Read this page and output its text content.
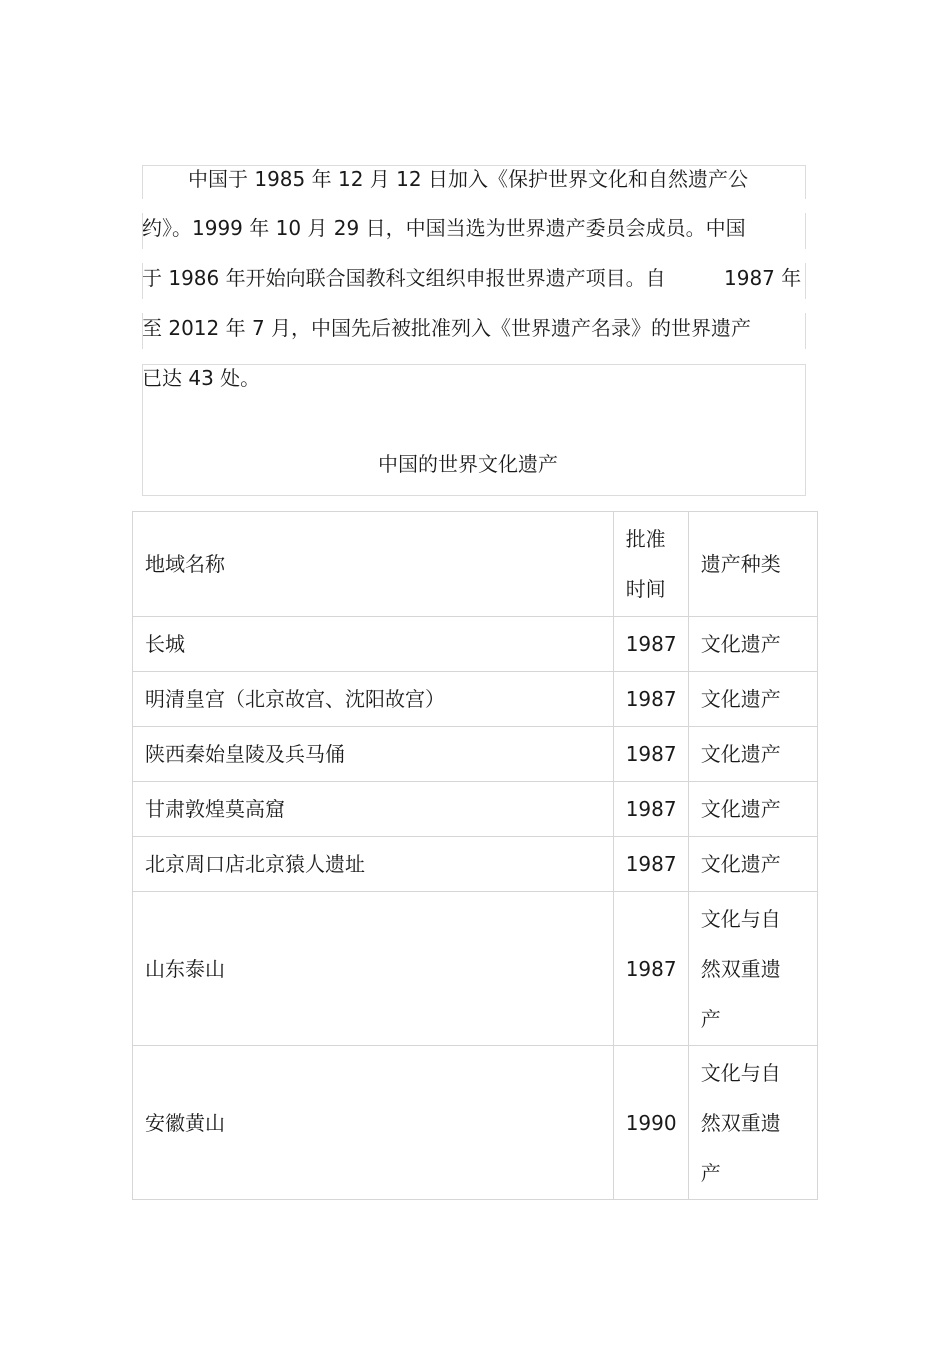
中国于 1985 年 12 月 12 日加入《保护世界文化和自然遗产公
约》。1999 年 10 月 29 日，中国当选为世界遗产委员会成员。中国
于 1986 年开始向联合国教科文组织申报世界遗产项目。自	1987 年
至 2012 年 7 月，中国先后被批准列入《世界遗产名录》的世界遗产
已达 43 处。
中国的世界文化遗产
地域名称	批准时间	遗产种类
长城	1987	文化遗产
明清皇宫（北京故宫、沈阳故宫）	1987	文化遗产
陕西秦始皇陵及兵马俑	1987	文化遗产
甘肃敦煌莫高窟	1987	文化遗产
北京周口店北京猿人遗址	1987	文化遗产
山东泰山	1987	文化与自然双重遗产

安徽黄山	1990	文化与自然双重遗产
